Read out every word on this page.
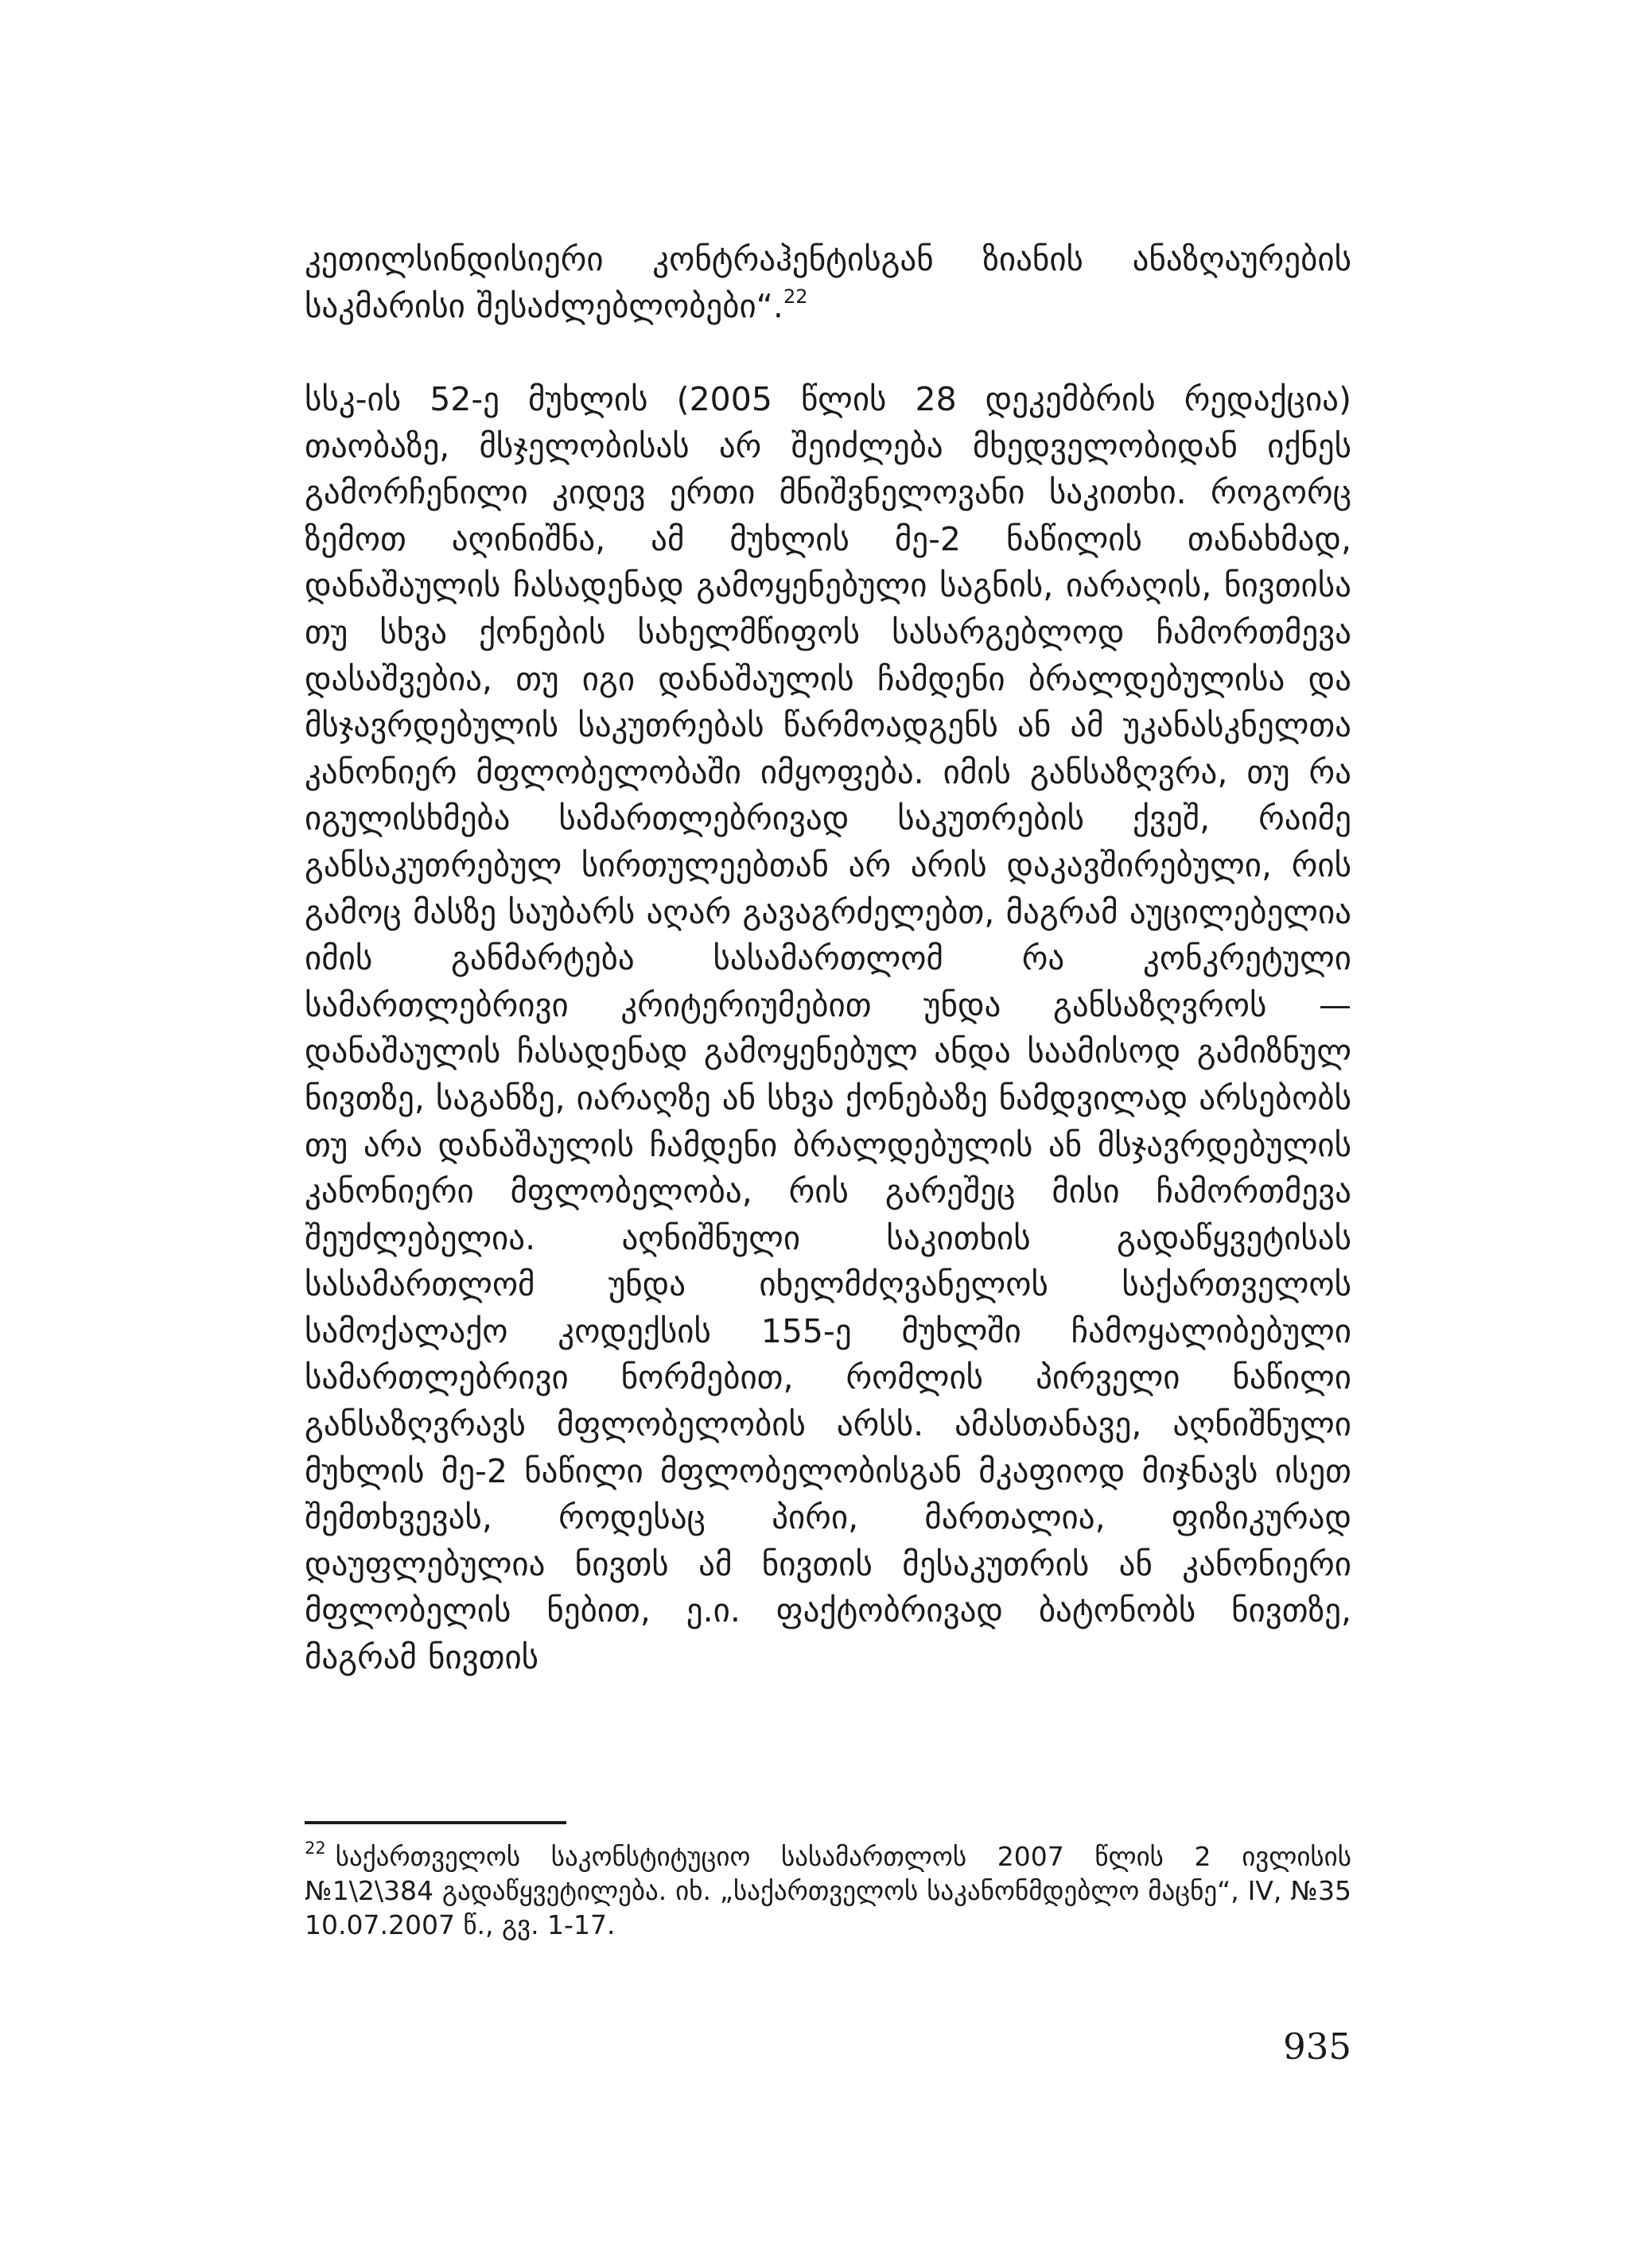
კეთილსინდისიერი კონტრაჰენტისგან ზიანის ანაზღაურების საკმარისი შესაძლებლობები“.$^{22}$
სსკ-ის 52-ე მუხლის (2005 წლის 28 დეკემბრის რედაქცია) თაობაზე, მსჯელობისას არ შეიძლება მხედველობიდან იქნეს გამორჩენილი კიდევ ერთი მნიშვნელოვანი საკითხი. როგორც ზემოთ აღინიშნა, ამ მუხლის მე-2 ნაწილის თანახმად, დანაშაულის ჩასადენად გამოყენებული საგნის, იარაღის, ნივთისა თუ სხვა ქონების სახელმწიფოს სასარგებლოდ ჩამორთმევა დასაშვებია, თუ იგი დანაშაულის ჩამდენი ბრალდებულისა და მსჯავრდებულის საკუთრებას წარმოადგენს ან ამ უკანასკნელთა კანონიერ მფლობელობაში იმყოფება. იმის განსაზღვრა, თუ რა იგულისხმება სამართლებრივად საკუთრების ქვეშ, რაიმე განსაკუთრებულ სირთულეებთან არ არის დაკავშირებული, რის გამოც მასზე საუბარს აღარ გავაგრძელებთ, მაგრამ აუცილებელია იმის განმარტება სასამართლომ რა კონკრეტული სამართლებრივი კრიტერიუმებით უნდა განსაზღვროს — დანაშაულის ჩასადენად გამოყენებულ ანდა საამისოდ გამიზნულ ნივთზე, საგანზე, იარაღზე ან სხვა ქონებაზე ნამდვილად არსებობს თუ არა დანაშაულის ჩამდენი ბრალდებულის ან მსჯავრდებულის კანონიერი მფლობელობა, რის გარეშეც მისი ჩამორთმევა შეუძლებელია. აღნიშნული საკითხის გადაწყვეტისას სასამართლომ უნდა იხელმძღვანელოს საქართველოს სამოქალაქო კოდექსის 155-ე მუხლში ჩამოყალიბებული სამართლებრივი ნორმებით, რომლის პირველი ნაწილი განსაზღვრავს მფლობელობის არსს. ამასთანავე, აღნიშნული მუხლის მე-2 ნაწილი მფლობელობისგან მკაფიოდ მიჯნავს ისეთ შემთხვევას, როდესაც პირი, მართალია, ფიზიკურად დაუფლებულია ნივთს ამ ნივთის მესაკუთრის ან კანონიერი მფლობელის ნებით, ე.ი. ფაქტობრივად ბატონობს ნივთზე, მაგრამ ნივთის
$^{22}$ საქართველოს საკონსტიტუციო სასამართლოს 2007 წლის 2 ივლისის №1\2\384 გადაწყვეტილება. იხ. „საქართველოს საკანონმდებლო მაცნე“, IV, №35 10.07.2007 წ., გვ. 1-17.
935
